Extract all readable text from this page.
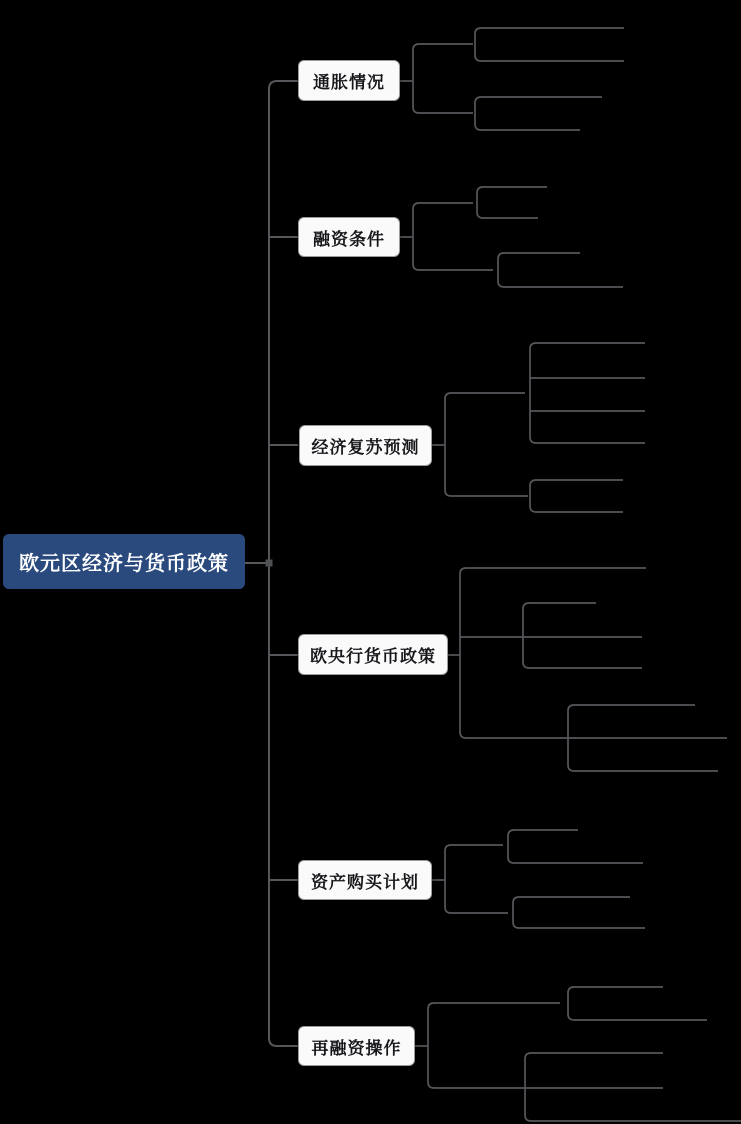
欧元区经济与货币政策
通胀情况
融资条件
经济复苏预测
欧央行货币政策
资产购买计划
再融资操作
